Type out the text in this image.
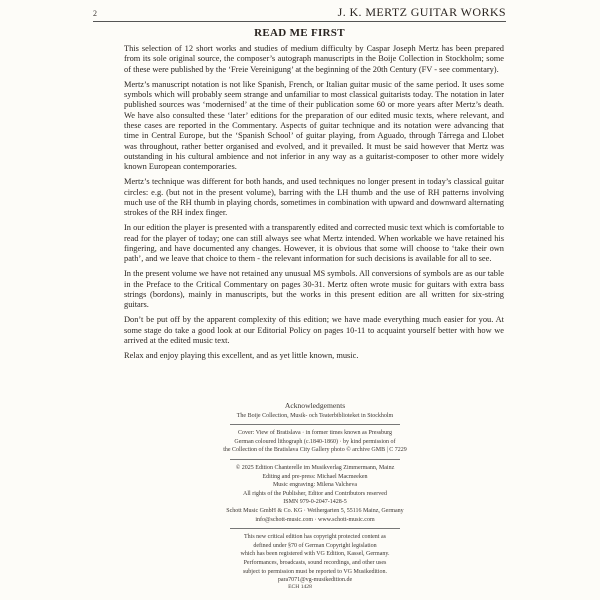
2	J. K. MERTZ GUITAR WORKS
READ ME FIRST

This selection of 12 short works and studies of medium difficulty by Caspar Joseph Mertz has been prepared from its sole original source, the composer’s autograph manuscripts in the Boije Collection in Stockholm; some of these were published by the ‘Freie Vereinigung’ at the beginning of the 20th Century (FV - see commentary).

Mertz’s manuscript notation is not like Spanish, French, or Italian guitar music of the same period. It uses some symbols which will probably seem strange and unfamiliar to most classical guitarists today. The notation in later published sources was ‘modernised’ at the time of their publication some 60 or more years after Mertz’s death. We have also consulted these ‘later’ editions for the preparation of our edited music texts, where relevant, and these cases are reported in the Commentary. Aspects of guitar technique and its notation were advancing that time in Central Europe, but the ‘Spanish School’ of guitar playing, from Aguado, through Tárrega and Llobet was throughout, rather better organised and evolved, and it prevailed. It must be said however that Mertz was outstanding in his cultural ambience and not inferior in any way as a guitarist-composer to other more widely known European contemporaries.

Mertz’s technique was different for both hands, and used techniques no longer present in today’s classical guitar circles: e.g. (but not in the present volume), barring with the LH thumb and the use of RH patterns involving much use of the RH thumb in playing chords, sometimes in combination with upward and downward alternating strokes of the RH index finger.

In our edition the player is presented with a transparently edited and corrected music text which is comfortable to read for the player of today; one can still always see what Mertz intended. When workable we have retained his fingering, and have documented any changes. However, it is obvious that some will choose to ‘take their own path’, and we leave that choice to them - the relevant information for such decisions is available for all to see.

In the present volume we have not retained any unusual MS symbols. All conversions of symbols are as our table in the Preface to the Critical Commentary on pages 30-31. Mertz often wrote music for guitars with extra bass strings (bordons), mainly in manuscripts, but the works in this present edition are all written for six-string guitars.

Don’t be put off by the apparent complexity of this edition; we have made everything much easier for you. At some stage do take a good look at our Editorial Policy on pages 10-11 to acquaint yourself better with how we arrived at the edited music text.

Relax and enjoy playing this excellent, and as yet little known, music.

Acknowledgements
The Boije Collection, Musik- och Teaterbiblioteket in Stockholm
Cover: View of Bratislava · in former times known as Pressburg
German coloured lithograph (c.1840-1860) · by kind permission of
the Collection of the Bratislava City Gallery photo © archive GMB | C 7229
© 2025 Edition Chanterelle im Musikverlag Zimmermann, Mainz
Editing and pre-press: Michael Macmeeken
Music engraving: Milena Valcheva
All rights of the Publisher, Editor and Contributors reserved
ISMN 979-0-2047-1428-5
Schott Music GmbH & Co. KG · Weihergarten 5, 55116 Mainz, Germany
info@schott-music.com · www.schott-music.com
This new critical edition has copyright protected content as
defined under §70 of German Copyright legislation
which has been registered with VG Edition, Kassel, Germany.
Performances, broadcasts, sound recordings, and other uses
subject to permission must be reported to VG Musikedition.
para7071@vg-musikedition.de
ECH 1428
